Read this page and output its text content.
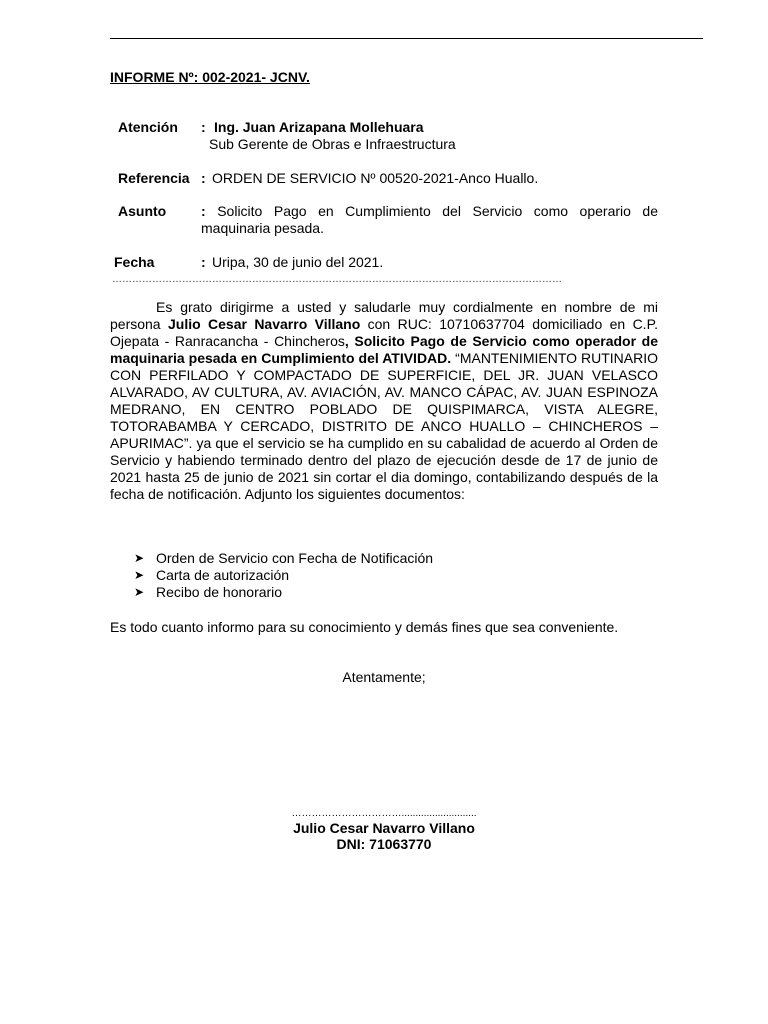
INFORME Nº: 002-2021- JCNV.
Atención : Ing. Juan Arizapana Mollehuara
Sub Gerente de Obras e Infraestructura
Referencia : ORDEN DE SERVICIO Nº 00520-2021-Anco Huallo.
Asunto : Solicito Pago en Cumplimiento del Servicio como operario de maquinaria pesada.
Fecha	: Uripa, 30 de junio del 2021.
………………………………………………………………………………………………………………………

Es grato dirigirme a usted y saludarle muy cordialmente en nombre de mi persona Julio Cesar Navarro Villano con RUC: 10710637704 domiciliado en C.P. Ojepata - Ranracancha - Chincheros, Solicito Pago de Servicio como operador de maquinaria pesada en Cumplimiento del ATIVIDAD. “MANTENIMIENTO RUTINARIO CON PERFILADO Y COMPACTADO DE SUPERFICIE, DEL JR. JUAN VELASCO ALVARADO, AV CULTURA, AV. AVIACIÓN, AV. MANCO CÁPAC, AV. JUAN ESPINOZA MEDRANO, EN CENTRO POBLADO DE QUISPIMARCA, VISTA ALEGRE, TOTORABAMBA Y CERCADO, DISTRITO DE ANCO HUALLO – CHINCHEROS – APURIMAC”. ya que el servicio se ha cumplido en su cabalidad de acuerdo al Orden de Servicio y habiendo terminado dentro del plazo de ejecución desde de 17 de junio de 2021 hasta 25 de junio de 2021 sin cortar el dia domingo, contabilizando después de la fecha de notificación. Adjunto los siguientes documentos:

➤ Orden de Servicio con Fecha de Notificación
➤ Carta de autorización
➤ Recibo de honorario
Es todo cuanto informo para su conocimiento y demás fines que sea conveniente.
Atentamente;
……………………………...........................
Julio Cesar Navarro Villano
DNI: 71063770
